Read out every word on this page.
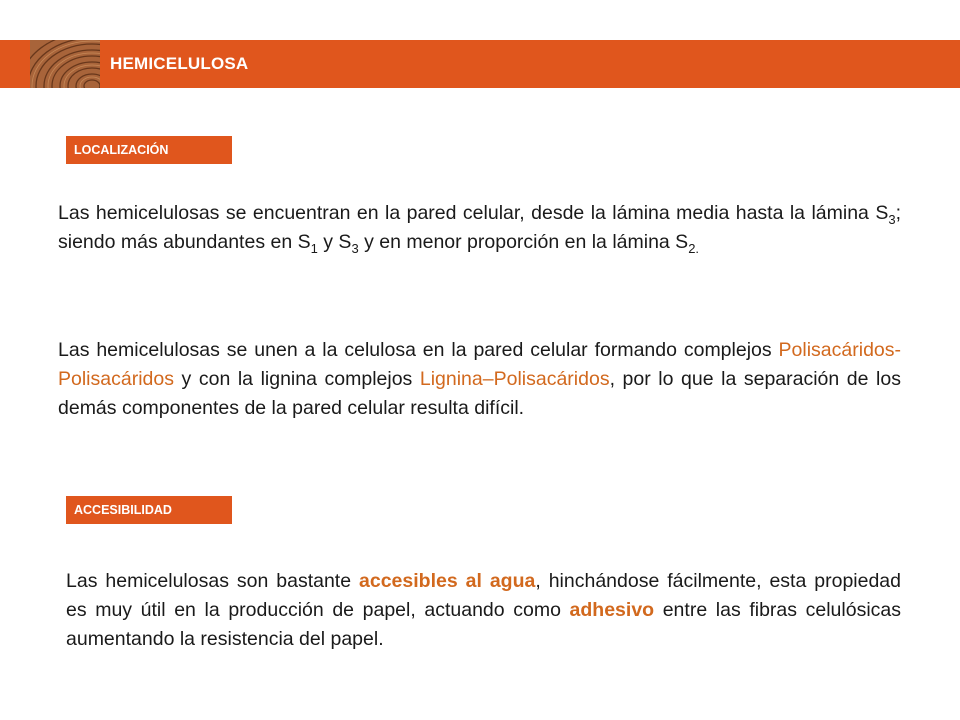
HEMICELULOSA
LOCALIZACIÓN

Las hemicelulosas se encuentran en la pared celular, desde la lámina media hasta la lámina $S_3$; siendo más abundantes en $S_1$ y $S_3$ y en menor proporción en la lámina $S_{2.}$

Las hemicelulosas se unen a la celulosa en la pared celular formando complejos Polisacáridos-Polisacáridos y con la lignina complejos Lignina–Polisacáridos, por lo que la separación de los demás componentes de la pared celular resulta difícil.

ACCESIBILIDAD

Las hemicelulosas son bastante accesibles al agua, hinchándose fácilmente, esta propiedad es muy útil en la producción de papel, actuando como adhesivo entre las fibras celulósicas aumentando la resistencia del papel.
